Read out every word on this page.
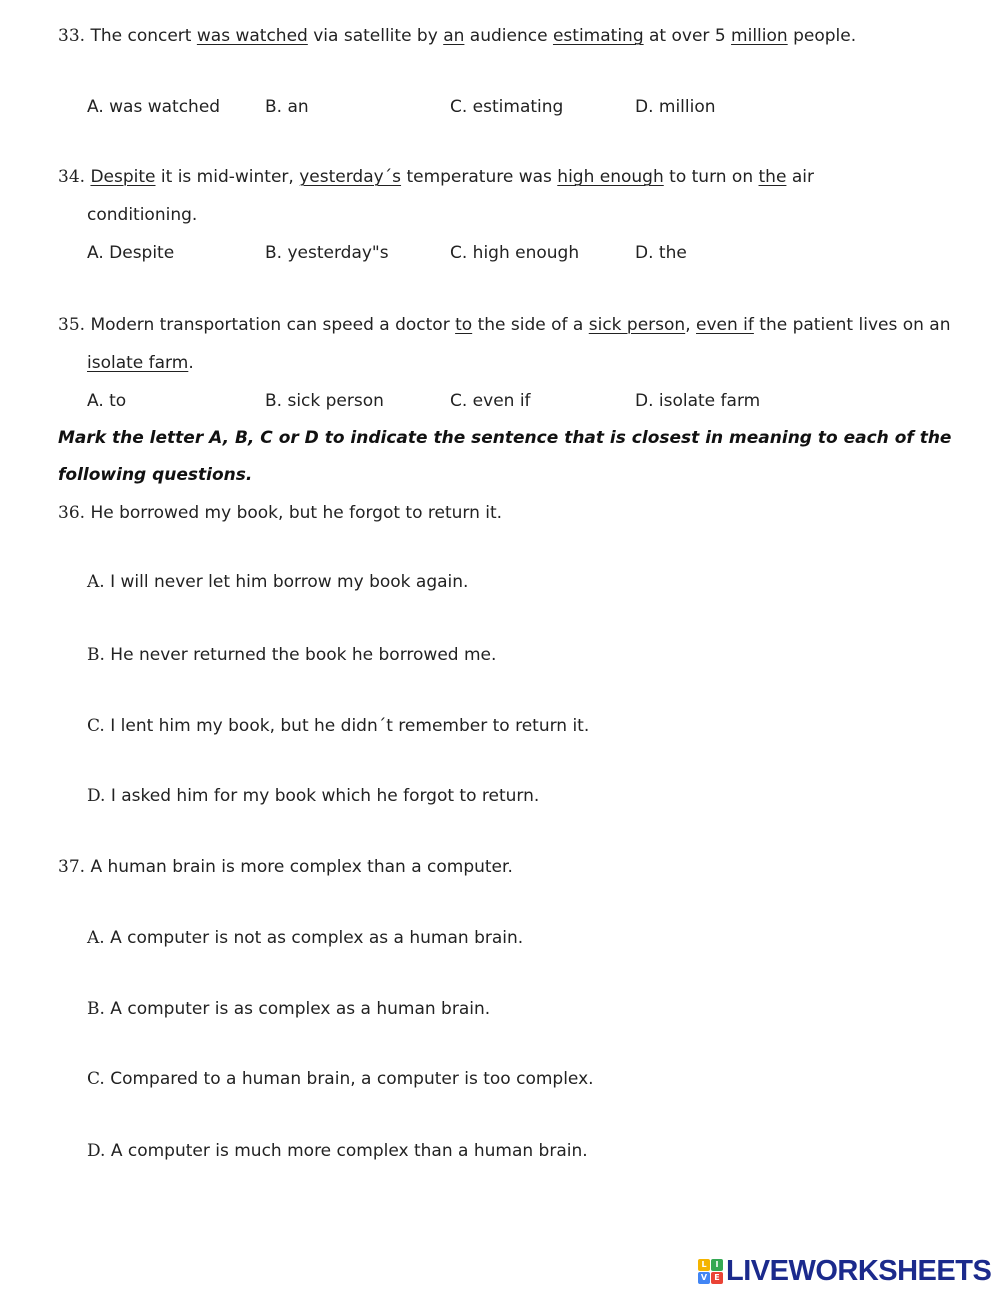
33. The concert was watched via satellite by an audience estimating at over 5 million people.
A. was watched	B. an	C. estimating	D. million
34. Despite it is mid-winter, yesterday´s temperature was high enough to turn on the air
conditioning.
A. Despite	B. yesterday"s	C. high enough	D. the
35. Modern transportation can speed a doctor to the side of a sick person, even if the patient lives on an
isolate farm.
A. to	B. sick person	C. even if	D. isolate farm
Mark the letter A, B, C or D to indicate the sentence that is closest in meaning to each of the
following questions.
36. He borrowed my book, but he forgot to return it.
A. I will never let him borrow my book again.
B. He never returned the book he borrowed me.
C. I lent him my book, but he didn´t remember to return it.
D. I asked him for my book which he forgot to return.
37. A human brain is more complex than a computer.
A. A computer is not as complex as a human brain.
B. A computer is as complex as a human brain.
C. Compared to a human brain, a computer is too complex.
D. A computer is much more complex than a human brain.
L	I
V E LIVEWORKSHEETS
